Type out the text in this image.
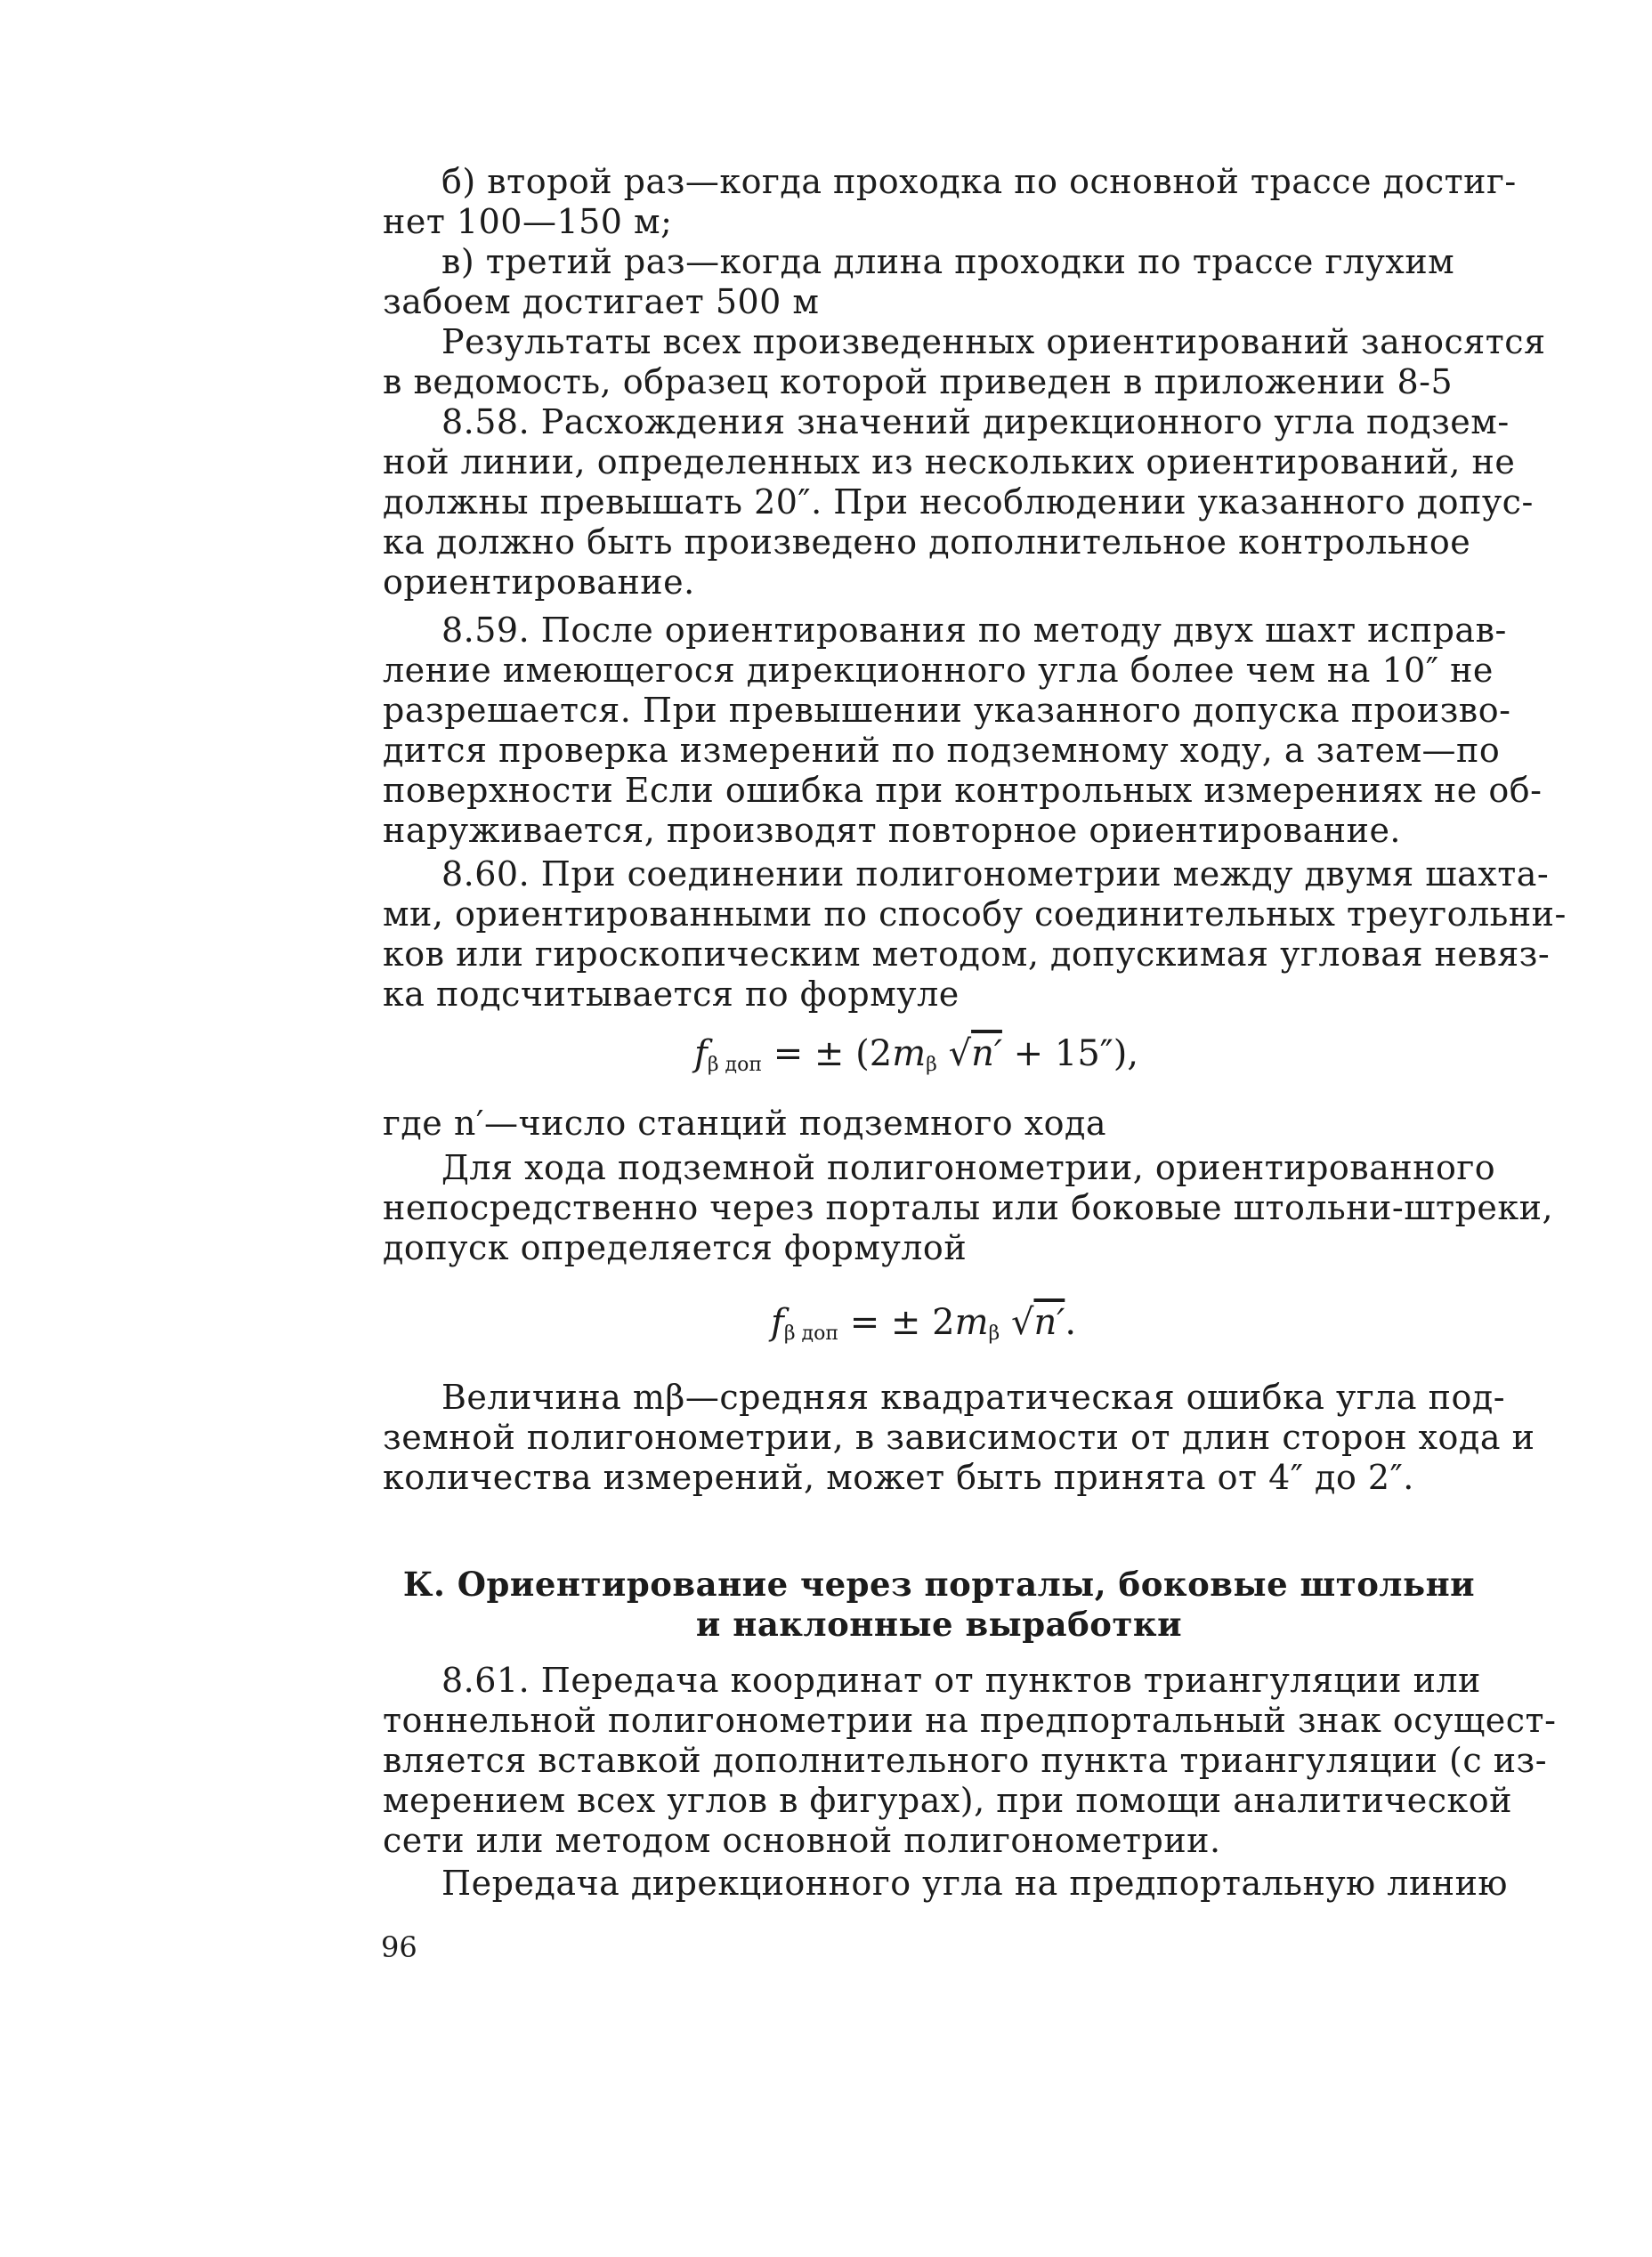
б) второй раз—когда проходка по основной трассе достиг-
нет 100—150 м;
в) третий раз—когда длина проходки по трассе глухим
забоем достигает 500 м
Результаты всех произведенных ориентирований заносятся
в ведомость, образец которой приведен в приложении 8-5
8.58. Расхождения значений дирекционного угла подзем-
ной линии, определенных из нескольких ориентирований, не
должны превышать 20″. При несоблюдении указанного допус-
ка должно быть произведено дополнительное контрольное
ориентирование.
8.59. После ориентирования по методу двух шахт исправ-
ление имеющегося дирекционного угла более чем на 10″ не
разрешается. При превышении указанного допуска произво-
дится проверка измерений по подземному ходу, а затем—по
поверхности Если ошибка при контрольных измерениях не об-
наруживается, производят повторное ориентирование.
8.60. При соединении полигонометрии между двумя шахта-
ми, ориентированными по способу соединительных треугольни-
ков или гироскопическим методом, допускимая угловая невяз-
ка подсчитывается по формуле
$f_{\beta доп}$ = ± ($2m_\beta$ √n′ + 15″),
где n′—число станций подземного хода
Для хода подземной полигонометрии, ориентированного
непосредственно через порталы или боковые штольни-штреки,
допуск определяется формулой
$f_{\beta доп}$ = ± $2m_\beta$ √n′.
Величина mβ—средняя квадратическая ошибка угла под-
земной полигонометрии, в зависимости от длин сторон хода и
количества измерений, может быть принята от 4″ до 2″.
К. Ориентирование через порталы, боковые штольни
и наклонные выработки
8.61. Передача координат от пунктов триангуляции или
тоннельной полигонометрии на предпортальный знак осущест-
вляется вставкой дополнительного пункта триангуляции (с из-
мерением всех углов в фигурах), при помощи аналитической
сети или методом основной полигонометрии.
Передача дирекционного угла на предпортальную линию
96
